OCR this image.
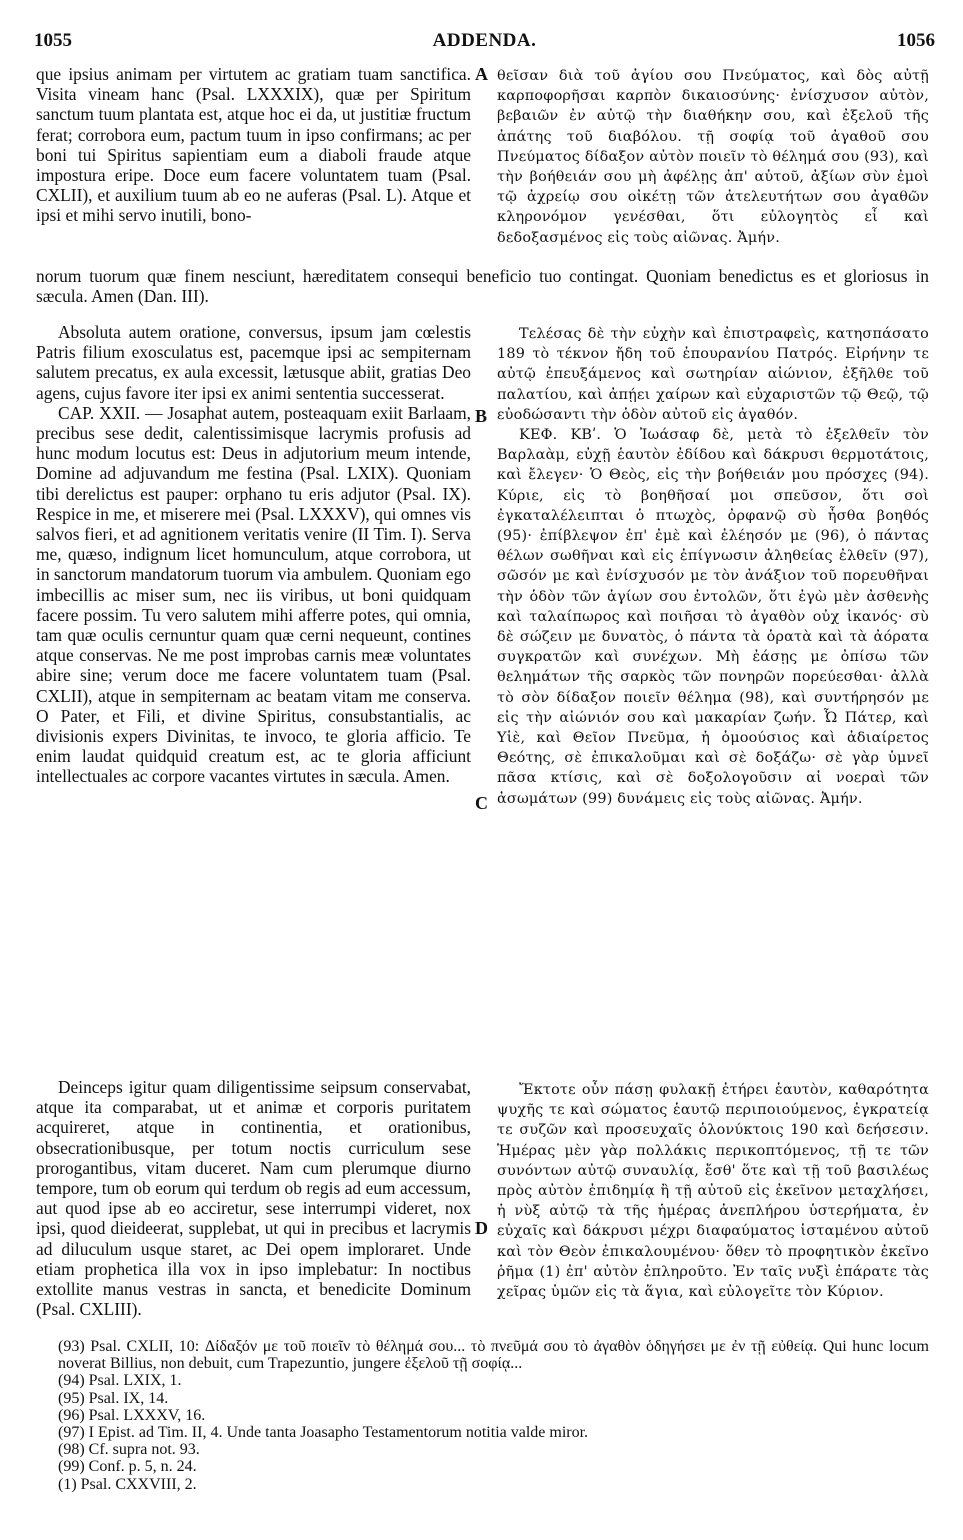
1055	ADDENDA.	1056

que ipsius animam per virtutem ac gratiam tuam sanctifica. Visita vineam hanc (Psal. LXXXIX), quæ per Spiritum sanctum tuum plantata est, atque hoc ei da, ut justitiæ fructum ferat; corrobora eum, pactum tuum in ipso confirmans; ac per boni tui Spiritus sapientiam eum a diaboli fraude atque impostura eripe. Doce eum facere voluntatem tuam (Psal. CXLII), et auxilium tuum ab eo ne auferas (Psal. L). Atque et ipsi et mihi servo inutili, bono-

A θεῖσαν διὰ τοῦ ἁγίου σου Πνεύματος, καὶ δὸς αὐτῇ καρποφορῆσαι καρπὸν δικαιοσύνης· ἐνίσχυσον αὐτὸν, βεβαιῶν ἐν αὐτῷ τὴν διαθήκην σου, καὶ ἐξελοῦ τῆς ἀπάτης τοῦ διαβόλου. τῇ σοφίᾳ τοῦ ἀγαθοῦ σου Πνεύματος δίδαξον αὐτὸν ποιεῖν τὸ θέλημά σου (93), καὶ τὴν βοήθειάν σου μὴ ἀφέλῃς ἀπ' αὐτοῦ, ἀξίων σὺν ἐμοὶ τῷ ἀχρείῳ σου οἰκέτῃ τῶν ἀτελευτήτων σου ἀγαθῶν κληρονόμον γενέσθαι, ὅτι εὐλογητὸς εἶ καὶ δεδοξασμένος εἰς τοὺς αἰῶνας. Ἀμήν.

norum tuorum quæ finem nesciunt, hæreditatem consequi beneficio tuo contingat. Quoniam benedictus es et gloriosus in sæcula. Amen (Dan. III).

Absoluta autem oratione, conversus, ipsum jam cœlestis Patris filium exosculatus est, pacemque ipsi ac sempiternam salutem precatus, ex aula excessit, lætusque abiit, gratias Deo agens, cujus favore iter ipsi ex animi sententia successerat.

CAP. XXII. — Josaphat autem, posteaquam exiit Barlaam, precibus sese dedit, calentissimisque lacrymis profusis ad hunc modum locutus est: Deus in adjutorium meum intende, Domine ad adjuvandum me festina (Psal. LXIX). Quoniam tibi derelictus est pauper: orphano tu eris adjutor (Psal. IX). Respice in me, et miserere mei (Psal. LXXXV), qui omnes vis salvos fieri, et ad agnitionem veritatis venire (II Tim. I). Serva me, quæso, indignum licet homunculum, atque corrobora, ut in sanctorum mandatorum tuorum via ambulem. Quoniam ego imbecillis ac miser sum, nec iis viribus, ut boni quidquam facere possim. Tu vero salutem mihi afferre potes, qui omnia, tam quæ oculis cernuntur quam quæ cerni nequeunt, contines atque conservas. Ne me post improbas carnis meæ voluntates abire sine; verum doce me facere voluntatem tuam (Psal. CXLII), atque in sempiternam ac beatam vitam me conserva. O Pater, et Fili, et divine Spiritus, consubstantialis, ac divisionis expers Divinitas, te invoco, te gloria afficio. Te enim laudat quidquid creatum est, ac te gloria afficiunt intellectuales ac corpore vacantes virtutes in sæcula. Amen.

B

Τελέσας δὲ τὴν εὐχὴν καὶ ἐπιστραφεὶς, κατησπάσατο 189 τὸ τέκνον ἤδη τοῦ ἐπουρανίου Πατρός. Εἰρήνην τε αὐτῷ ἐπευξάμενος καὶ σωτηρίαν αἰώνιον, ἐξῆλθε τοῦ παλατίου, καὶ ἀπῄει χαίρων καὶ εὐχαριστῶν τῷ Θεῷ, τῷ εὐοδώσαντι τὴν ὁδὸν αὐτοῦ εἰς ἀγαθόν.

ΚΕΦ. ΚΒʹ. Ὁ Ἰωάσαφ δὲ, μετὰ τὸ ἐξελθεῖν τὸν Βαρλαὰμ, εὐχῇ ἑαυτὸν ἐδίδου καὶ δάκρυσι θερμοτάτοις, καὶ ἔλεγεν· Ὁ Θεὸς, εἰς τὴν βοήθειάν μου πρόσχες (94). Κύριε, εἰς τὸ βοηθῆσαί μοι σπεῦσον, ὅτι σοὶ ἐγκαταλέλειπται ὁ πτωχὸς, ὀρφανῷ σὺ ἦσθα βοηθός (95)· ἐπίβλεψον ἐπ' ἐμὲ καὶ ἐλέησόν με (96), ὁ πάντας θέλων σωθῆναι καὶ εἰς ἐπίγνωσιν ἀληθείας ἐλθεῖν (97), σῶσόν με καὶ ἐνίσχυσόν με τὸν ἀνάξιον τοῦ πορευθῆναι τὴν ὁδὸν τῶν ἁγίων σου ἐντολῶν, ὅτι ἐγὼ μὲν ἀσθενὴς καὶ ταλαίπωρος καὶ ποιῆσαι τὸ ἀγαθὸν οὐχ ἱκανός· σὺ δὲ σώζειν με δυνατὸς, ὁ πάντα τὰ ὁρατὰ καὶ τὰ ἀόρατα συγκρατῶν καὶ συνέχων. Μὴ ἐάσῃς με ὀπίσω τῶν θελημάτων τῆς σαρκὸς τῶν πονηρῶν πορεύεσθαι· ἀλλὰ τὸ σὸν δίδαξον ποιεῖν θέλημα (98), καὶ συντήρησόν με εἰς τὴν αἰώνιόν σου καὶ μακαρίαν ζωήν. Ὦ Πάτερ, καὶ Υἱὲ, καὶ Θεῖον Πνεῦμα, ἡ ὁμοούσιος καὶ ἀδιαίρετος Θεότης, σὲ ἐπικαλοῦμαι καὶ σὲ δοξάζω· σὲ γὰρ ὑμνεῖ πᾶσα κτίσις, καὶ σὲ δοξολογοῦσιν αἱ νοεραὶ τῶν ἀσωμάτων (99) δυνάμεις εἰς τοὺς αἰῶνας. Ἀμήν.

C

Deinceps igitur quam diligentissime seipsum conservabat, atque ita comparabat, ut et animæ et corporis puritatem acquireret, atque in continentia, et orationibus, obsecrationibusque, per totum noctis curriculum sese prorogantibus, vitam duceret. Nam cum plerumque diurno tempore, tum ob eorum qui terdum ob regis ad eum accessum, aut quod ipse ab eo acciretur, sese interrumpi videret, nox ipsi, quod dieideerat, supplebat, ut qui in precibus et lacrymis ad diluculum usque staret, ac Dei opem imploraret. Unde etiam prophetica illa vox in ipso implebatur: In noctibus extollite manus vestras in sancta, et benedicite Dominum (Psal. CXLIII).

D

Ἔκτοτε οὖν πάσῃ φυλακῇ ἐτήρει ἑαυτὸν, καθαρότητα ψυχῆς τε καὶ σώματος ἑαυτῷ περιποιούμενος, ἐγκρατείᾳ τε συζῶν καὶ προσευχαῖς ὁλονύκτοις 190 καὶ δεήσεσιν. Ἡμέρας μὲν γὰρ πολλάκις περικοπτόμενος, τῇ τε τῶν συνόντων αὐτῷ συναυλίᾳ, ἔσθ' ὅτε καὶ τῇ τοῦ βασιλέως πρὸς αὐτὸν ἐπιδημίᾳ ἢ τῇ αὐτοῦ εἰς ἐκεῖνον μεταχλήσει, ἡ νὺξ αὐτῷ τὰ τῆς ἡμέρας ἀνεπλήρου ὑστερήματα, ἐν εὐχαῖς καὶ δάκρυσι μέχρι διαφαύματος ἱσταμένου αὐτοῦ καὶ τὸν Θεὸν ἐπικαλουμένου· ὅθεν τὸ προφητικὸν ἐκεῖνο ῥῆμα (1) ἐπ' αὐτὸν ἐπληροῦτο. Ἐν ταῖς νυξὶ ἐπάρατε τὰς χεῖρας ὑμῶν εἰς τὰ ἅγια, καὶ εὐλογεῖτε τὸν Κύριον.

(93) Psal. CXLII, 10: Δίδαξόν με τοῦ ποιεῖν τὸ θέλημά σου... τὸ πνεῦμά σου τὸ ἀγαθὸν ὁδηγήσει με ἐν τῇ εὐθείᾳ. Qui hunc locum noverat Billius, non debuit, cum Trapezuntio, jungere ἐξελοῦ τῇ σοφίᾳ...

(94) Psal. LXIX, 1.

(95) Psal. IX, 14.

(96) Psal. LXXXV, 16.

(97) I Epist. ad Tim. II, 4. Unde tanta Joasapho Testamentorum notitia valde miror.

(98) Cf. supra not. 93.

(99) Conf. p. 5, n. 24.

(1) Psal. CXXVIII, 2.
